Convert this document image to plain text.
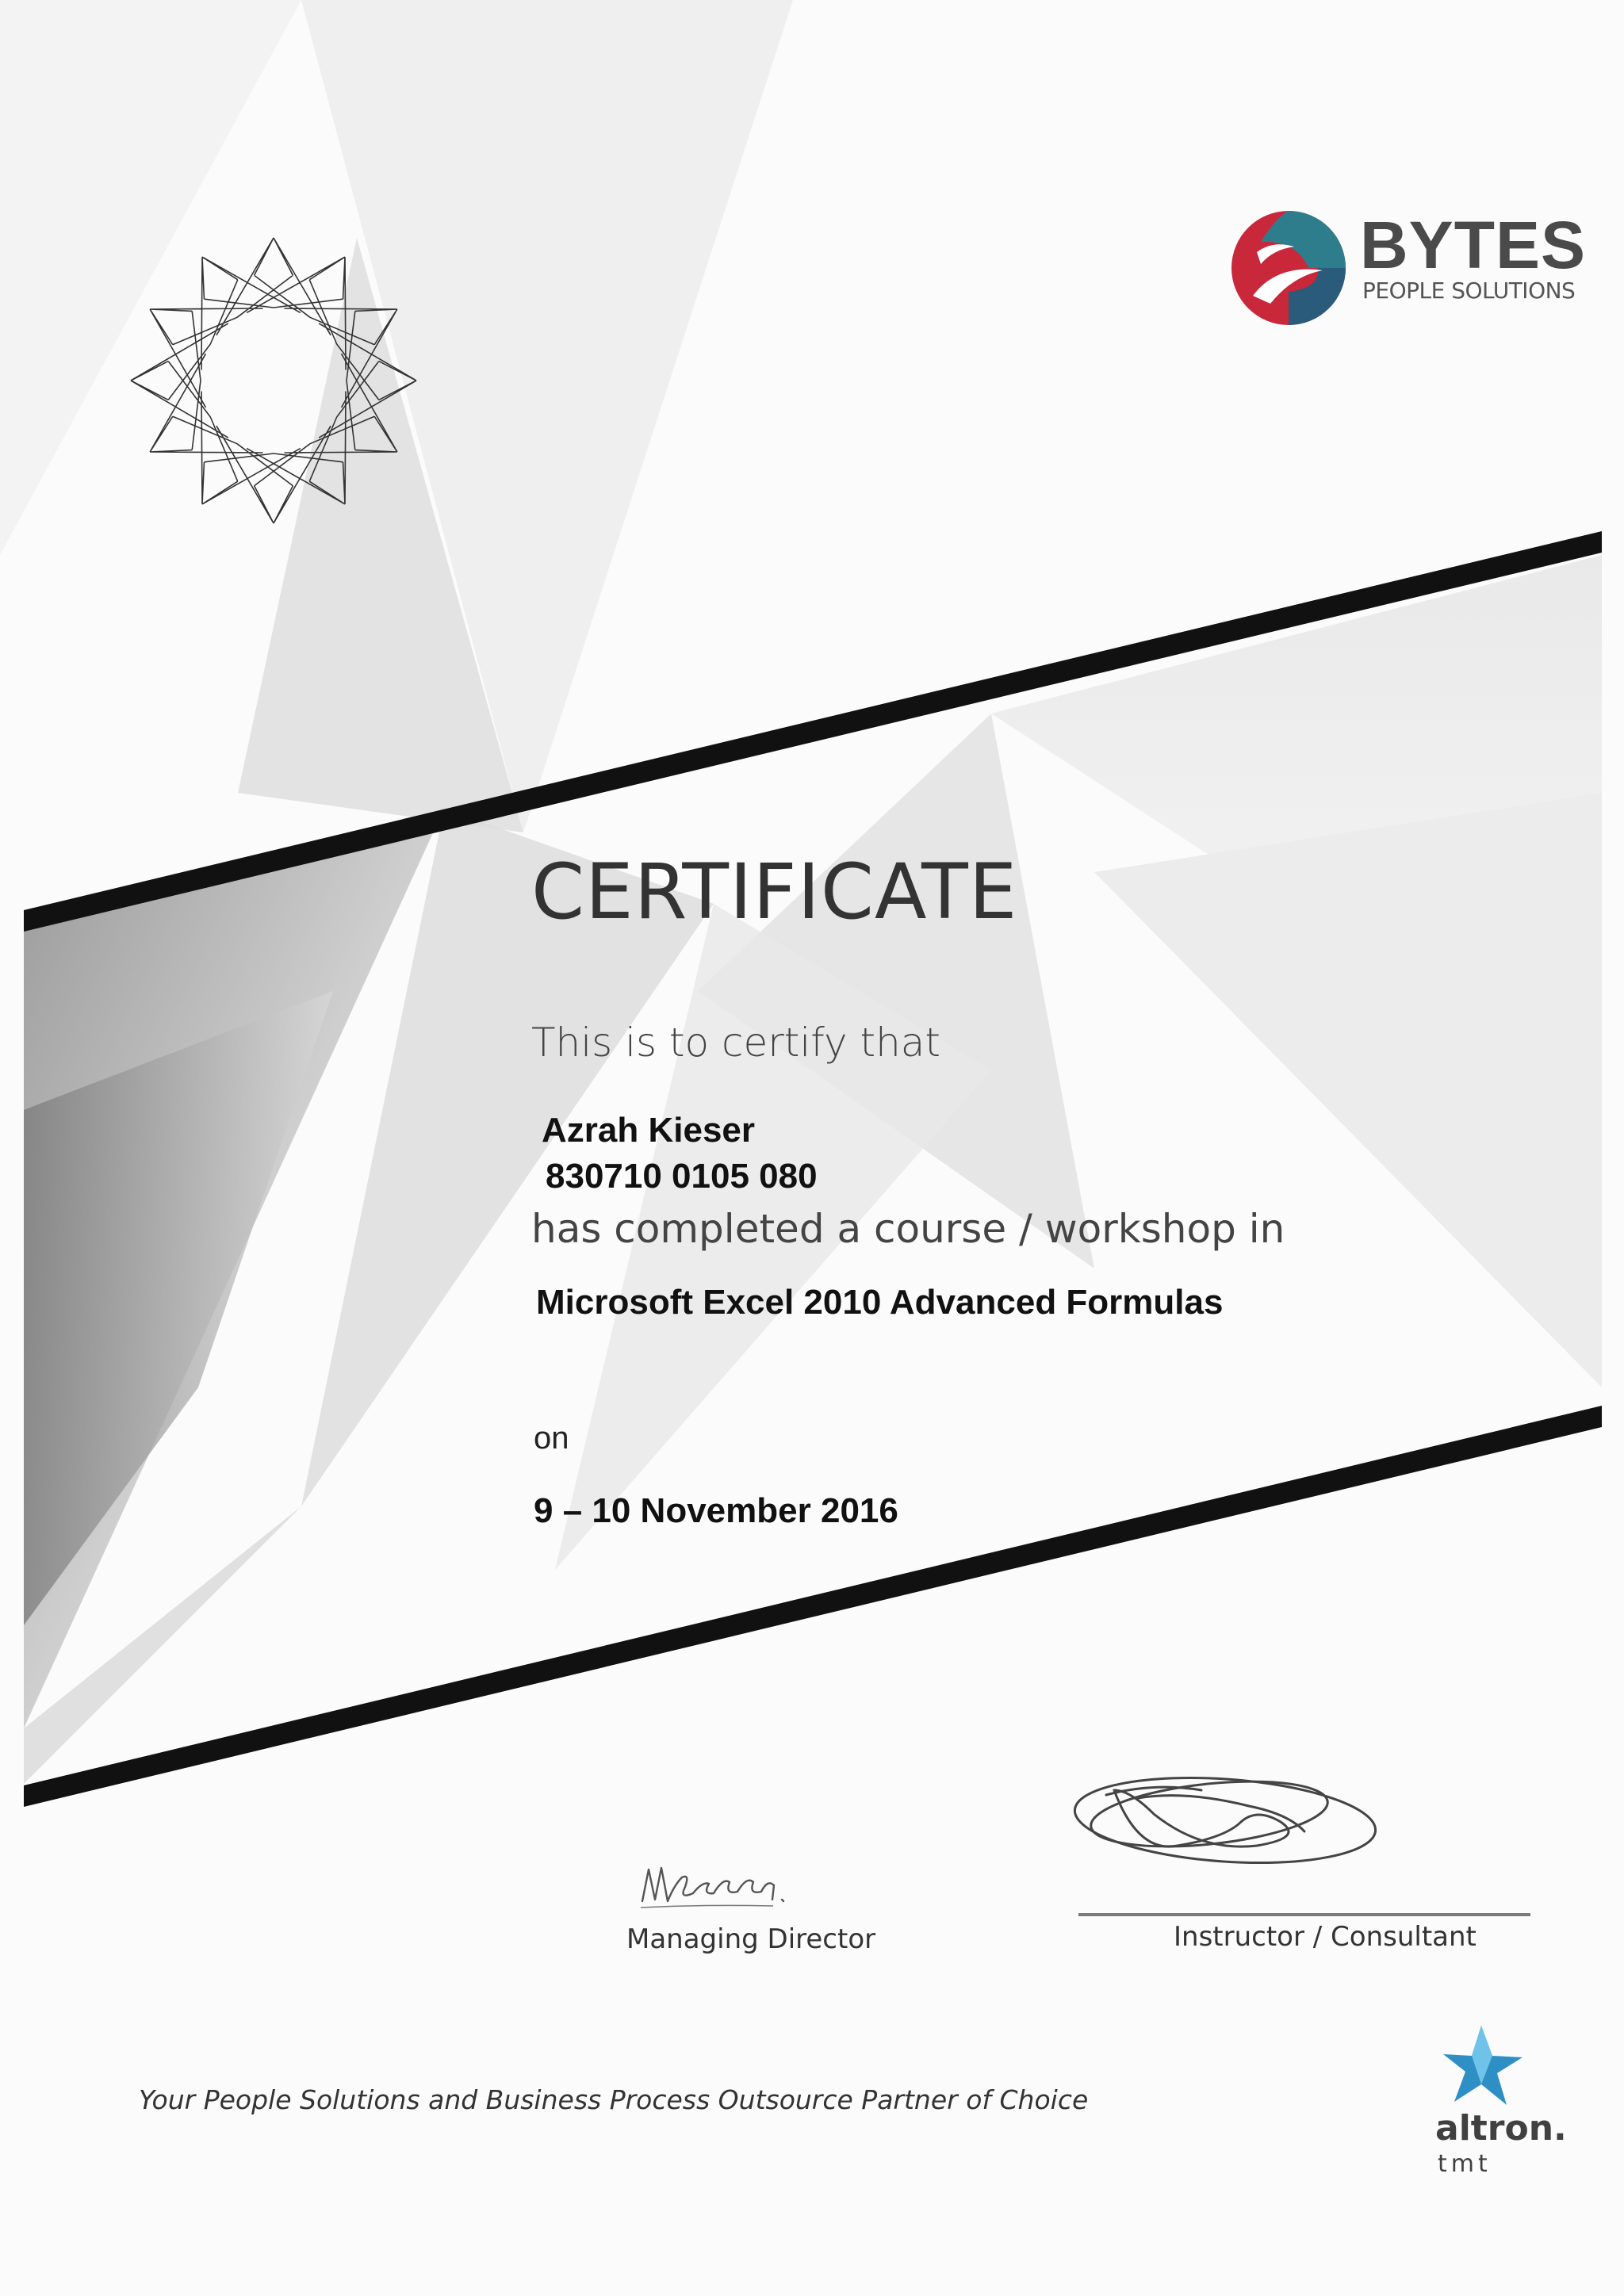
BYTES
PEOPLE SOLUTIONS
CERTIFICATE
This is to certify that
Azrah Kieser
830710 0105 080
has completed a course / workshop in
Microsoft Excel 2010 Advanced Formulas
on
9 – 10 November 2016
Managing Director	Instructor / Consultant
Your People Solutions and Business Process Outsource Partner of Choice
altron.
tmt
